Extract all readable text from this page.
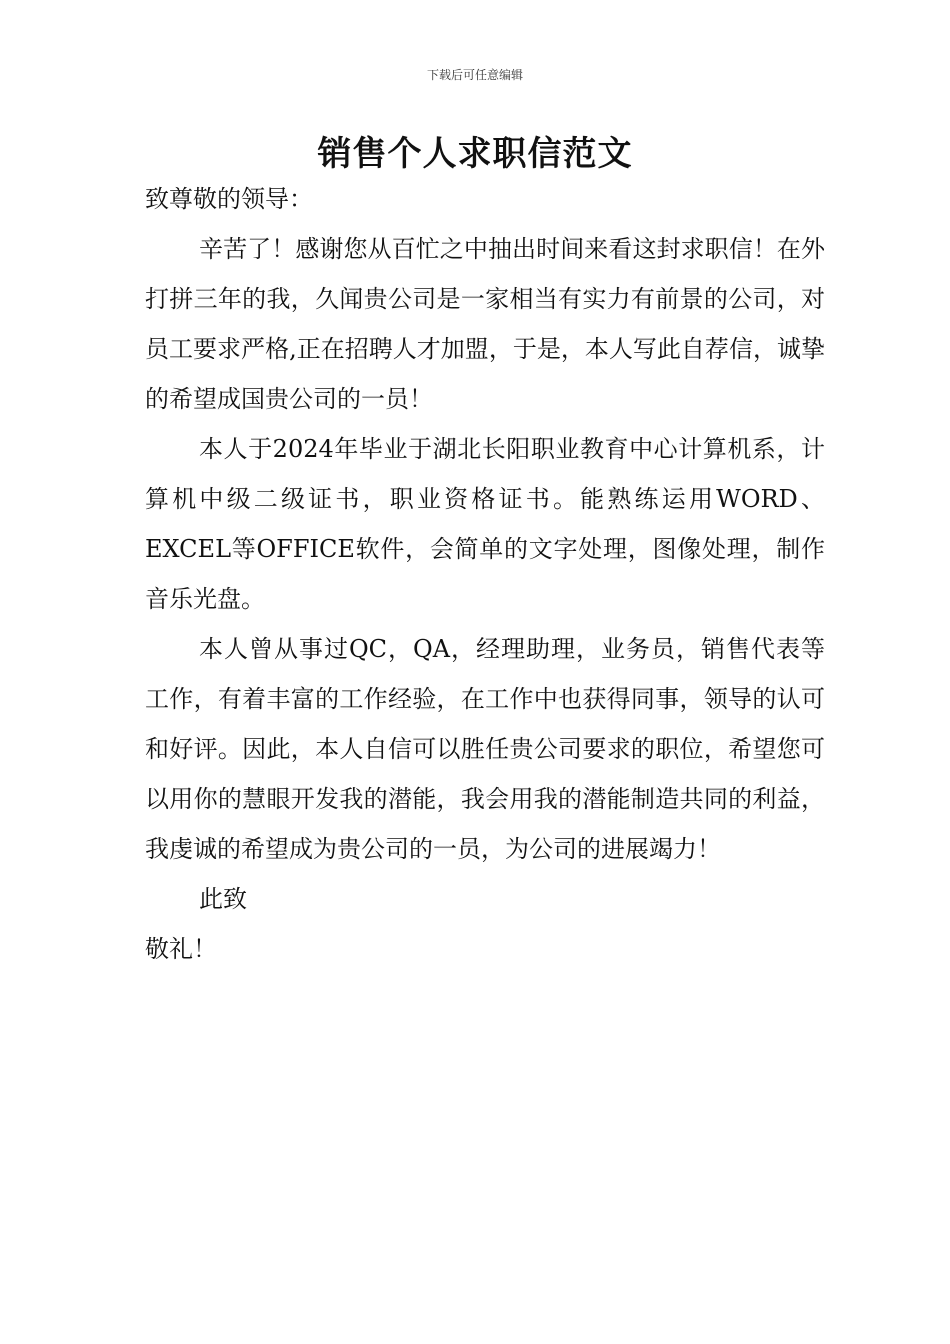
下载后可任意编辑
销售个人求职信范文

致尊敬的领导：

辛苦了！感谢您从百忙之中抽出时间来看这封求职信！在外打拼三年的我，久闻贵公司是一家相当有实力有前景的公司，对员工要求严格,正在招聘人才加盟，于是，本人写此自荐信，诚挚的希望成国贵公司的一员！

本人于2024年毕业于湖北长阳职业教育中心计算机系，计算机中级二级证书，职业资格证书。能熟练运用WORD、EXCEL等OFFICE软件，会简单的文字处理，图像处理，制作音乐光盘。

本人曾从事过QC，QA，经理助理，业务员，销售代表等工作，有着丰富的工作经验，在工作中也获得同事，领导的认可和好评。因此，本人自信可以胜任贵公司要求的职位，希望您可以用你的慧眼开发我的潜能，我会用我的潜能制造共同的利益，我虔诚的希望成为贵公司的一员，为公司的进展竭力！

此致

敬礼！
